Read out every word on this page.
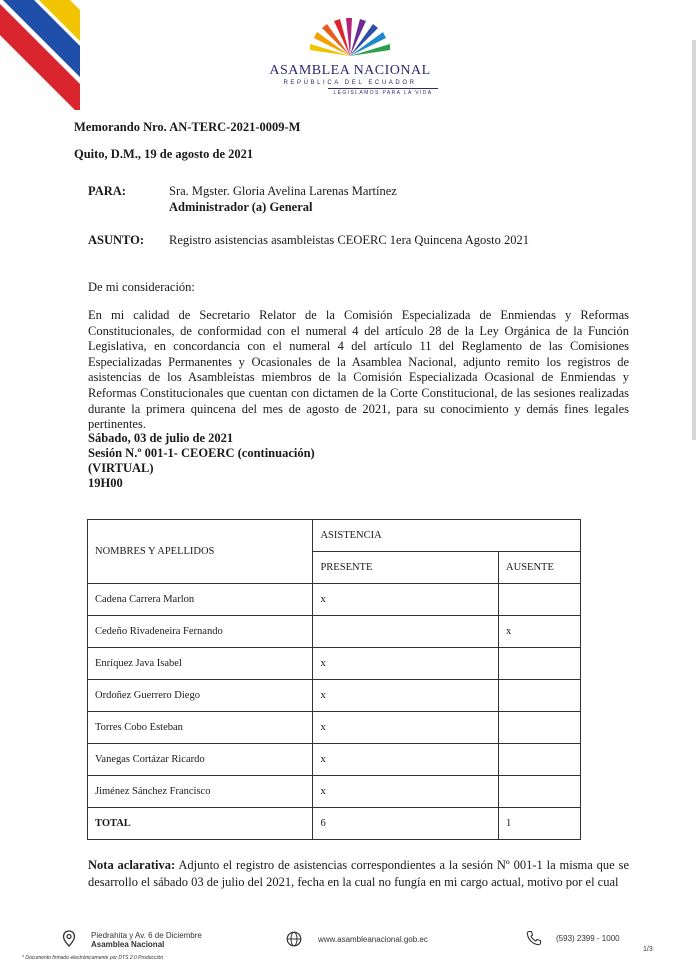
ASAMBLEA NACIONAL
REPÚBLICA DEL ECUADOR
LEGISLAMOS PARA LA VIDA
Memorando Nro. AN-TERC-2021-0009-M
Quito, D.M., 19 de agosto de 2021
PARA:	Sra. Mgster. Gloria Avelina Larenas Martínez
Administrador (a) General
ASUNTO: Registro asistencias asambleistas CEOERC 1era Quincena Agosto 2021
De mi consideración:
En mi calidad de Secretario Relator de la Comisión Especializada de Enmiendas y Reformas Constitucionales, de conformidad con el numeral 4 del artículo 28 de la Ley Orgánica de la Función Legislativa, en concordancia con el numeral 4 del artículo 11 del Reglamento de las Comisiones Especializadas Permanentes y Ocasionales de la Asamblea Nacional, adjunto remito los registros de asistencias de los Asambleístas miembros de la Comisión Especializada Ocasional de Enmiendas y Reformas Constitucionales que cuentan con dictamen de la Corte Constitucional, de las sesiones realizadas durante la primera quincena del mes de agosto de 2021, para su conocimiento y demás fines legales pertinentes.
Sábado, 03 de julio de 2021
Sesión N.º 001-1- CEOERC (continuación)
(VIRTUAL)
19H00
NOMBRES Y APELLIDOS	ASISTENCIA	
	PRESENTE	AUSENTE
Cadena Carrera Marlon	x	
Cedeño Rivadeneira Fernando		x
Enríquez Java Isabel	x	
Ordoñez Guerrero Diego	x	
Torres Cobo Esteban	x	
Vanegas Cortázar Ricardo	x	
Jiménez Sánchez Francisco	x	
TOTAL	6	1
Nota aclarativa: Adjunto el registro de asistencias correspondientes a la sesión Nº 001-1 la misma que se desarrollo el sábado 03 de julio del 2021, fecha en la cual no fungía en mi cargo actual, motivo por el cual
Piedrahita y Av. 6 de Diciembre
Asamblea Nacional
* Documento firmado electrónicamente por DTS 2.0 Producción
www.asambleanacional.gob.ec	(593) 2399 - 1000
1/3
